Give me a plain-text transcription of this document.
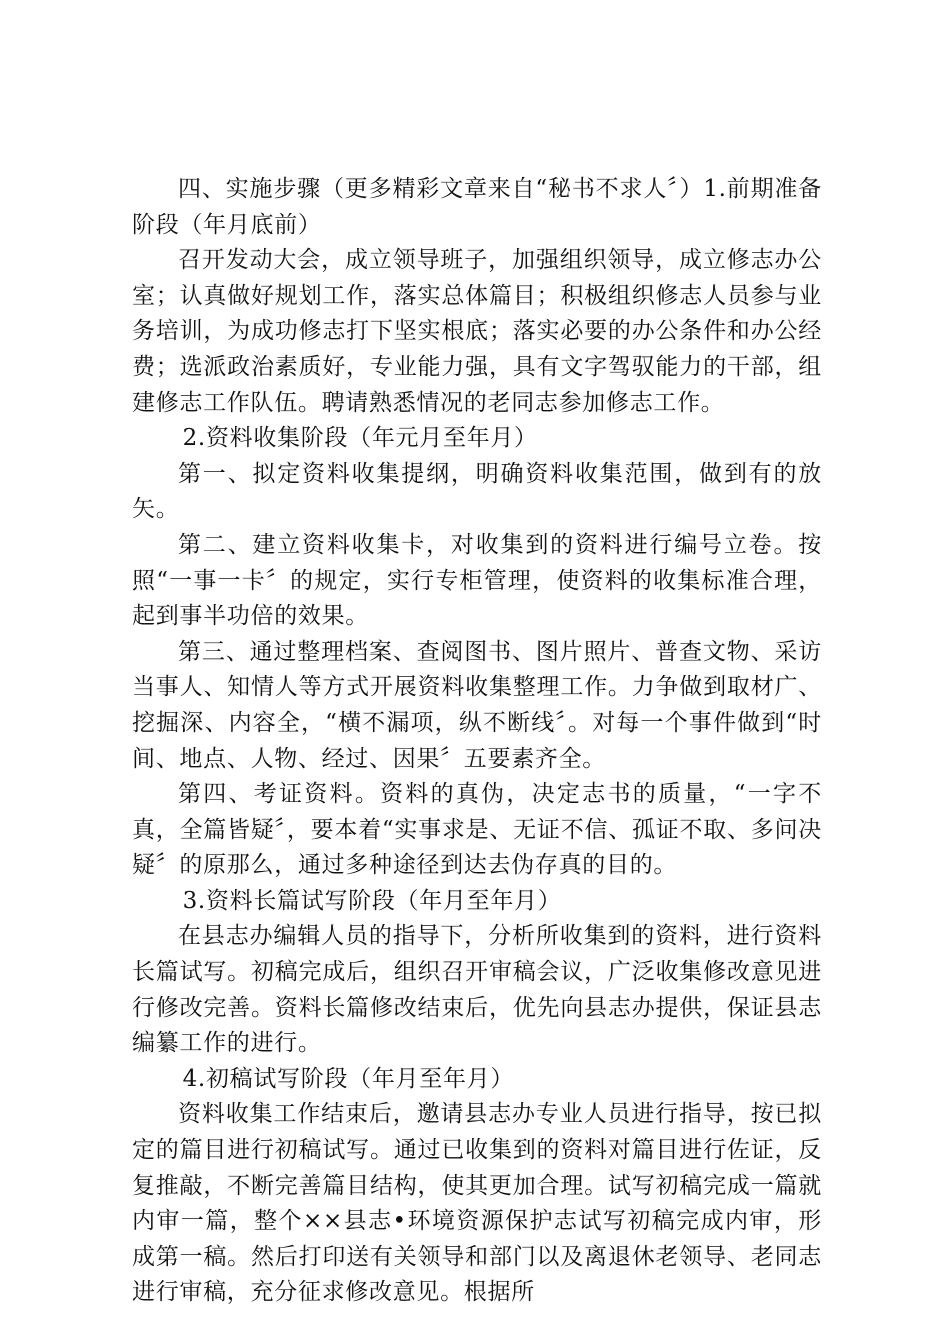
四、实施步骤（更多精彩文章来自“秘书不求人〞）1.前期准备阶段（年月底前）

召开发动大会，成立领导班子，加强组织领导，成立修志办公室；认真做好规划工作，落实总体篇目；积极组织修志人员参与业务培训，为成功修志打下坚实根底；落实必要的办公条件和办公经费；选派政治素质好，专业能力强，具有文字驾驭能力的干部，组建修志工作队伍。聘请熟悉情况的老同志参加修志工作。

2.资料收集阶段（年元月至年月）

第一、拟定资料收集提纲，明确资料收集范围，做到有的放矢。

第二、建立资料收集卡，对收集到的资料进行编号立卷。按照“一事一卡〞的规定，实行专柜管理，使资料的收集标准合理，起到事半功倍的效果。

第三、通过整理档案、查阅图书、图片照片、普查文物、采访当事人、知情人等方式开展资料收集整理工作。力争做到取材广、挖掘深、内容全，“横不漏项，纵不断线〞。对每一个事件做到“时间、地点、人物、经过、因果〞五要素齐全。

第四、考证资料。资料的真伪，决定志书的质量，“一字不真，全篇皆疑〞，要本着“实事求是、无证不信、孤证不取、多问决疑〞的原那么，通过多种途径到达去伪存真的目的。

3.资料长篇试写阶段（年月至年月）

在县志办编辑人员的指导下，分析所收集到的资料，进行资料长篇试写。初稿完成后，组织召开审稿会议，广泛收集修改意见进行修改完善。资料长篇修改结束后，优先向县志办提供，保证县志编纂工作的进行。

4.初稿试写阶段（年月至年月）

资料收集工作结束后，邀请县志办专业人员进行指导，按已拟定的篇目进行初稿试写。通过已收集到的资料对篇目进行佐证，反复推敲，不断完善篇目结构，使其更加合理。试写初稿完成一篇就内审一篇，整个××县志•环境资源保护志试写初稿完成内审，形成第一稿。然后打印送有关领导和部门以及离退休老领导、老同志进行审稿，充分征求修改意见。根据所
